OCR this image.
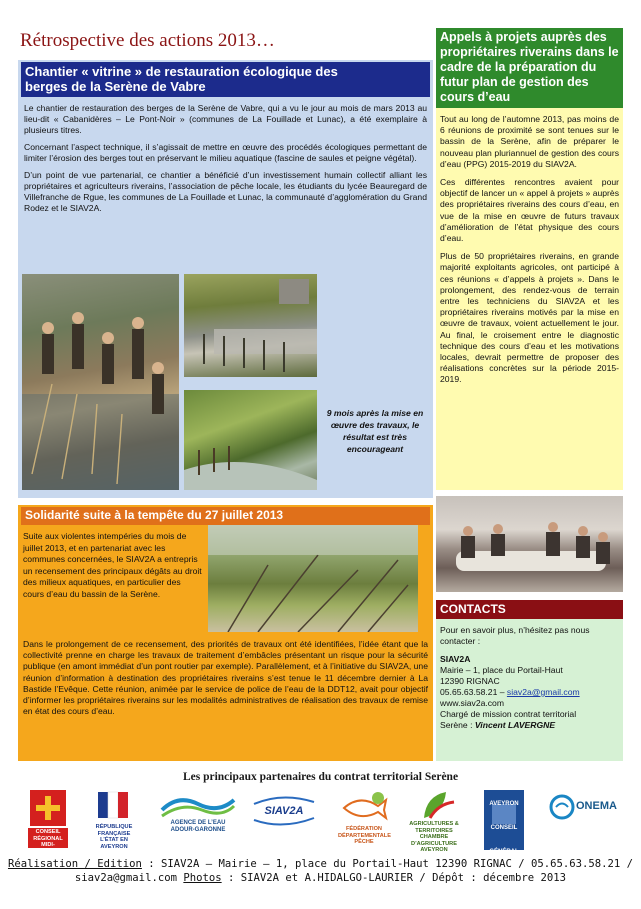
Rétrospective des actions 2013…
Chantier « vitrine » de restauration écologique des
berges de la Serène de Vabre

Le chantier de restauration des berges de la Serène de Vabre, qui a vu le jour au mois de mars 2013 au lieu-dit « Cabanidères – Le Pont-Noir » (communes de La Fouillade et Lunac), a été exemplaire à plusieurs titres.

Concernant l’aspect technique, il s’agissait de mettre en œuvre des procédés écologiques permettant de limiter l’érosion des berges tout en préservant le milieu aquatique (fascine de saules et peigne végétal).

D’un point de vue partenarial, ce chantier a bénéficié d’un investissement humain collectif alliant les propriétaires et agriculteurs riverains, l’association de pêche locale, les étudiants du lycée Beauregard de Villefranche de Rgue, les communes de La Fouillade et Lunac, la communauté d’agglomération du Grand Rodez et le SIAV2A.

9 mois après la mise en œuvre des travaux, le résultat est très encourageant
Solidarité suite à la tempête du 27 juillet 2013
Suite aux violentes intempéries du mois de juillet 2013, et en partenariat avec les communes concernées, le SIAV2A a entrepris un recensement des principaux dégâts au droit des milieux aquatiques, en particulier des cours d’eau du bassin de la Serène.
Dans le prolongement de ce recensement, des priorités de travaux ont été identifiées, l’idée étant que la collectivité prenne en charge les travaux de traitement d’embâcles présentant un risque pour la sécurité publique (en amont immédiat d’un pont routier par exemple). Parallèlement, et à l’initiative du SIAV2A, une réunion d’information à destination des propriétaires riverains s’est tenue le 11 décembre dernier à La Bastide l’Evêque. Cette réunion, animée par le service de police de l’eau de la DDT12, avait pour objectif d’informer les propriétaires riverains sur les modalités administratives de réalisation des travaux de remise en état des cours d’eau.
Appels à projets auprès des propriétaires riverains dans le cadre de la préparation du futur plan de gestion des cours d’eau

Tout au long de l’automne 2013, pas moins de 6 réunions de proximité se sont tenues sur le bassin de la Serène, afin de préparer le nouveau plan pluriannuel de gestion des cours d’eau (PPG) 2015-2019 du SIAV2A.

Ces différentes rencontres avaient pour objectif de lancer un « appel à projets » auprès des propriétaires riverains des cours d’eau, en vue de la mise en œuvre de futurs travaux d’amélioration de l’état physique des cours d’eau.

Plus de 50 propriétaires riverains, en grande majorité exploitants agricoles, ont participé à ces réunions « d’appels à projets ». Dans le prolongement, des rendez-vous de terrain entre les techniciens du SIAV2A et les propriétaires riverains motivés par la mise en œuvre de travaux, voient actuellement le jour. Au final, le croisement entre le diagnostic technique des cours d’eau et les motivations locales, devrait permettre de proposer des réalisations concrètes sur la période 2015-2019.

CONTACTS
Pour en savoir plus, n’hésitez pas nous contacter :
SIAV2A
Mairie – 1, place du Portail-Haut
12390 RIGNAC
05.65.63.58.21 – siav2a@gmail.com
www.siav2a.com
Chargé de mission contrat territorial
Serène : Vincent LAVERGNE
Les principaux partenaires du contrat territorial Serène
CONSEIL RÉGIONAL MIDI-PYRÉNÉES
RÉPUBLIQUE FRANÇAISE L’ÉTAT EN AVEYRON
AGENCE DE L’EAU ADOUR-GARONNE
SIAV2A
FÉDÉRATION DÉPARTEMENTALE PÊCHE
AGRICULTURES & TERRITOIRES CHAMBRE D’AGRICULTURE AVEYRON
AVEYRON CONSEIL GÉNÉRAL
ONEMA
Réalisation / Edition : SIAV2A – Mairie – 1, place du Portail-Haut 12390 RIGNAC / 05.65.63.58.21 /
siav2a@gmail.com Photos : SIAV2A et A.HIDALGO-LAURIER / Dépôt : décembre 2013
